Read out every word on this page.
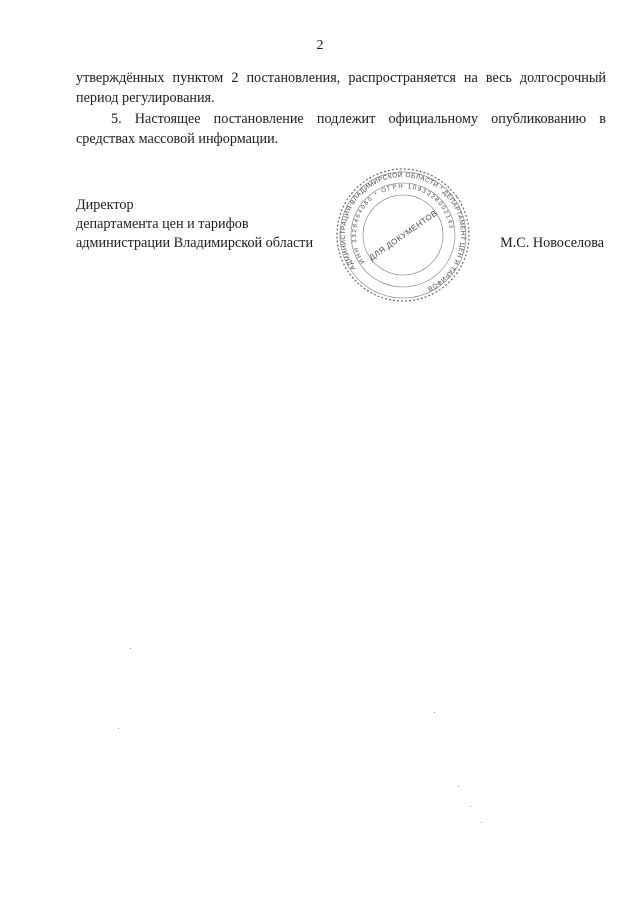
2

утверждённых пунктом 2 постановления, распространяется на весь долгосрочный период регулирования.

5. Настоящее постановление подлежит официальному опубликованию в средствах массовой информации.

Директор
департамента цен и тарифов
администрации Владимирской области	М.С. Новоселова
АДМИНИСТРАЦИЯ ВЛАДИМИРСКОЙ ОБЛАСТИ * ДЕПАРТАМЕНТ ЦЕН И ТАРИФОВ
ИНН 3328464080 * ОГРН 1093328002143
ДЛЯ ДОКУМЕНТОВ
